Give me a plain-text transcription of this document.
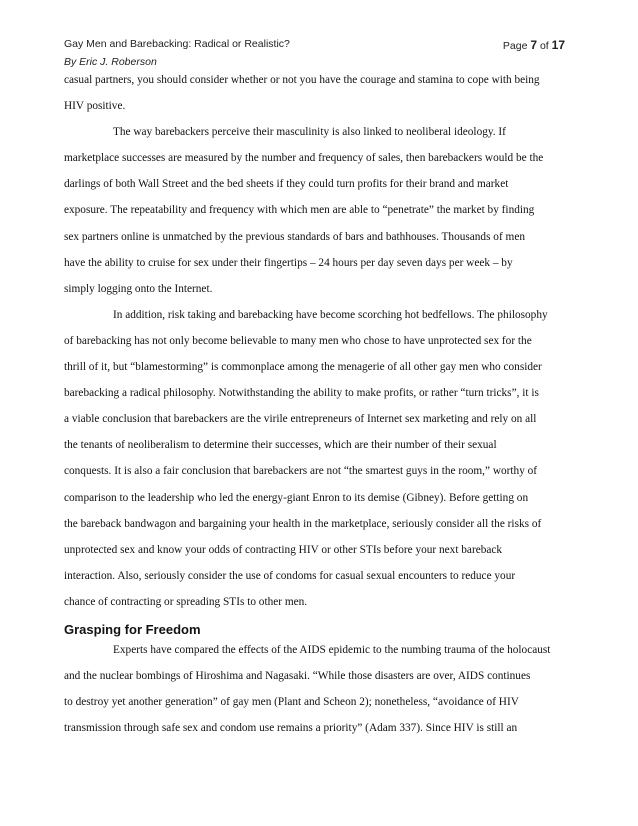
Gay Men and Barebacking: Radical or Realistic?	Page 7 of 17
By Eric J. Roberson
casual partners, you should consider whether or not you have the courage and stamina to cope with being
HIV positive.
The way barebackers perceive their masculinity is also linked to neoliberal ideology. If
marketplace successes are measured by the number and frequency of sales, then barebackers would be the
darlings of both Wall Street and the bed sheets if they could turn profits for their brand and market
exposure. The repeatability and frequency with which men are able to “penetrate” the market by finding
sex partners online is unmatched by the previous standards of bars and bathhouses. Thousands of men
have the ability to cruise for sex under their fingertips – 24 hours per day seven days per week – by
simply logging onto the Internet.
In addition, risk taking and barebacking have become scorching hot bedfellows. The philosophy
of barebacking has not only become believable to many men who chose to have unprotected sex for the
thrill of it, but “blamestorming” is commonplace among the menagerie of all other gay men who consider
barebacking a radical philosophy. Notwithstanding the ability to make profits, or rather “turn tricks”, it is
a viable conclusion that barebackers are the virile entrepreneurs of Internet sex marketing and rely on all
the tenants of neoliberalism to determine their successes, which are their number of their sexual
conquests. It is also a fair conclusion that barebackers are not “the smartest guys in the room,” worthy of
comparison to the leadership who led the energy-giant Enron to its demise (Gibney). Before getting on
the bareback bandwagon and bargaining your health in the marketplace, seriously consider all the risks of
unprotected sex and know your odds of contracting HIV or other STIs before your next bareback
interaction. Also, seriously consider the use of condoms for casual sexual encounters to reduce your
chance of contracting or spreading STIs to other men.
Grasping for Freedom
Experts have compared the effects of the AIDS epidemic to the numbing trauma of the holocaust
and the nuclear bombings of Hiroshima and Nagasaki. “While those disasters are over, AIDS continues
to destroy yet another generation” of gay men (Plant and Scheon 2); nonetheless, “avoidance of HIV
transmission through safe sex and condom use remains a priority” (Adam 337). Since HIV is still an
